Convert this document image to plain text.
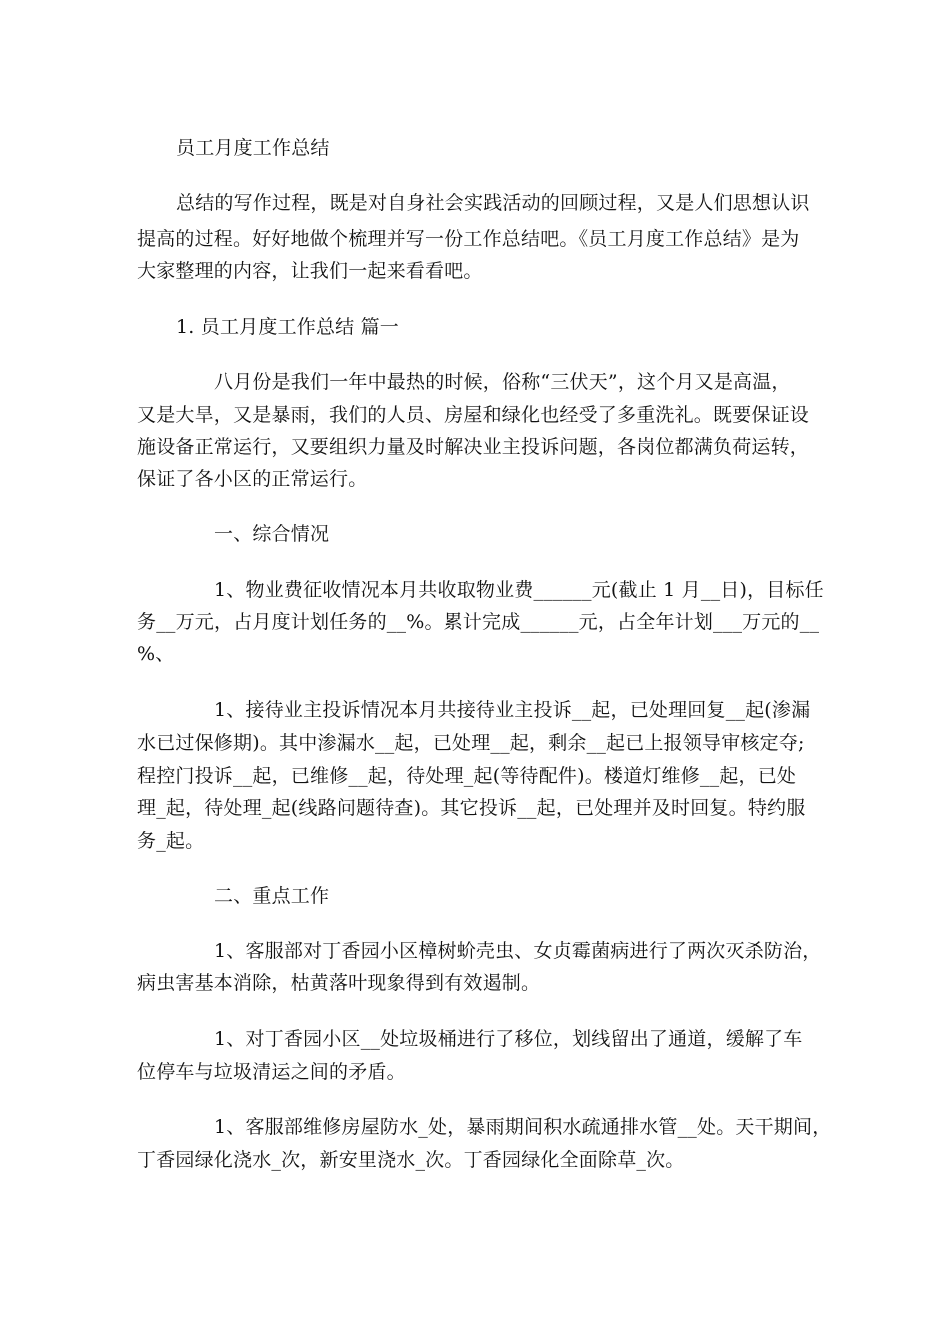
员工月度工作总结
总结的写作过程，既是对自身社会实践活动的回顾过程，又是人们思想认识
提高的过程。好好地做个梳理并写一份工作总结吧。《员工月度工作总结》是为
大家整理的内容，让我们一起来看看吧。
1. 员工月度工作总结 篇一
八月份是我们一年中最热的时候，俗称“三伏天”，这个月又是高温，
又是大旱，又是暴雨，我们的人员、房屋和绿化也经受了多重洗礼。既要保证设
施设备正常运行，又要组织力量及时解决业主投诉问题，各岗位都满负荷运转，
保证了各小区的正常运行。
一、综合情况
1、物业费征收情况本月共收取物业费______元(截止 1 月__日)，目标任
务__万元，占月度计划任务的__%。累计完成______元，占全年计划___万元的__
%、
1、接待业主投诉情况本月共接待业主投诉__起，已处理回复__起(渗漏
水已过保修期)。其中渗漏水__起，已处理__起，剩余__起已上报领导审核定夺;
程控门投诉__起，已维修__起，待处理_起(等待配件)。楼道灯维修__起，已处
理_起，待处理_起(线路问题待查)。其它投诉__起，已处理并及时回复。特约服
务_起。
二、重点工作
1、客服部对丁香园小区樟树蚧壳虫、女贞霉菌病进行了两次灭杀防治，
病虫害基本消除，枯黄落叶现象得到有效遏制。
1、对丁香园小区__处垃圾桶进行了移位，划线留出了通道，缓解了车
位停车与垃圾清运之间的矛盾。
1、客服部维修房屋防水_处，暴雨期间积水疏通排水管__处。天干期间，
丁香园绿化浇水_次，新安里浇水_次。丁香园绿化全面除草_次。
